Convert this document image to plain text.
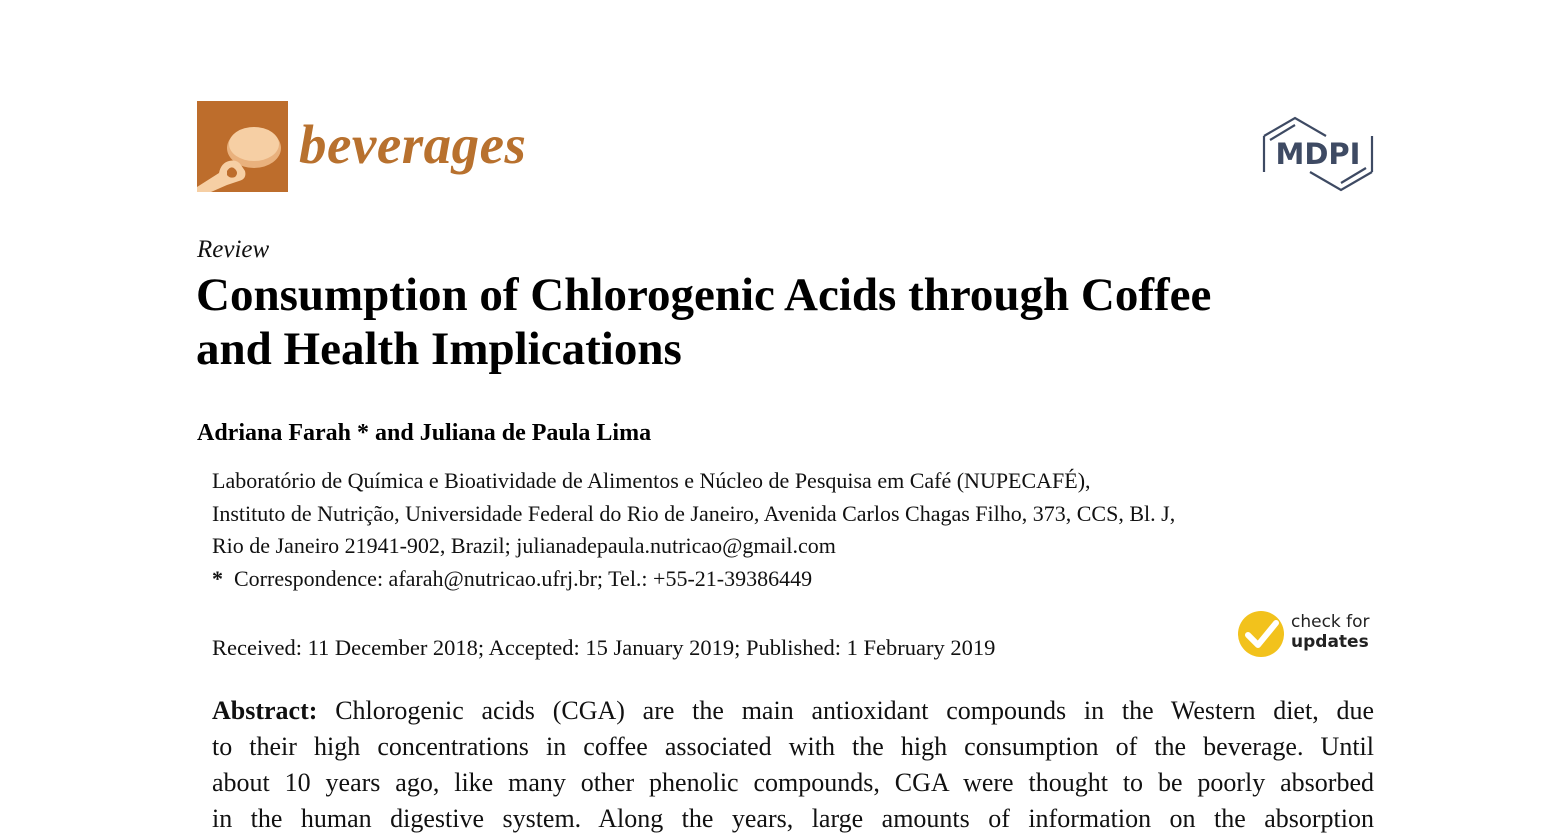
beverages	MDPI
Review
Consumption of Chlorogenic Acids through Coffee
and Health Implications
Adriana Farah * and Juliana de Paula Lima
Laboratório de Química e Bioatividade de Alimentos e Núcleo de Pesquisa em Café (NUPECAFÉ),
Instituto de Nutrição, Universidade Federal do Rio de Janeiro, Avenida Carlos Chagas Filho, 373, CCS, Bl. J,
Rio de Janeiro 21941-902, Brazil; julianadepaula.nutricao@gmail.com
* Correspondence: afarah@nutricao.ufrj.br; Tel.: +55-21-39386449
Received: 11 December 2018; Accepted: 15 January 2019; Published: 1 February 2019
check for
updates
Abstract: Chlorogenic acids (CGA) are the main antioxidant compounds in the Western diet, due
to their high concentrations in coffee associated with the high consumption of the beverage. Until
about 10 years ago, like many other phenolic compounds, CGA were thought to be poorly absorbed
in the human digestive system. Along the years, large amounts of information on the absorption
